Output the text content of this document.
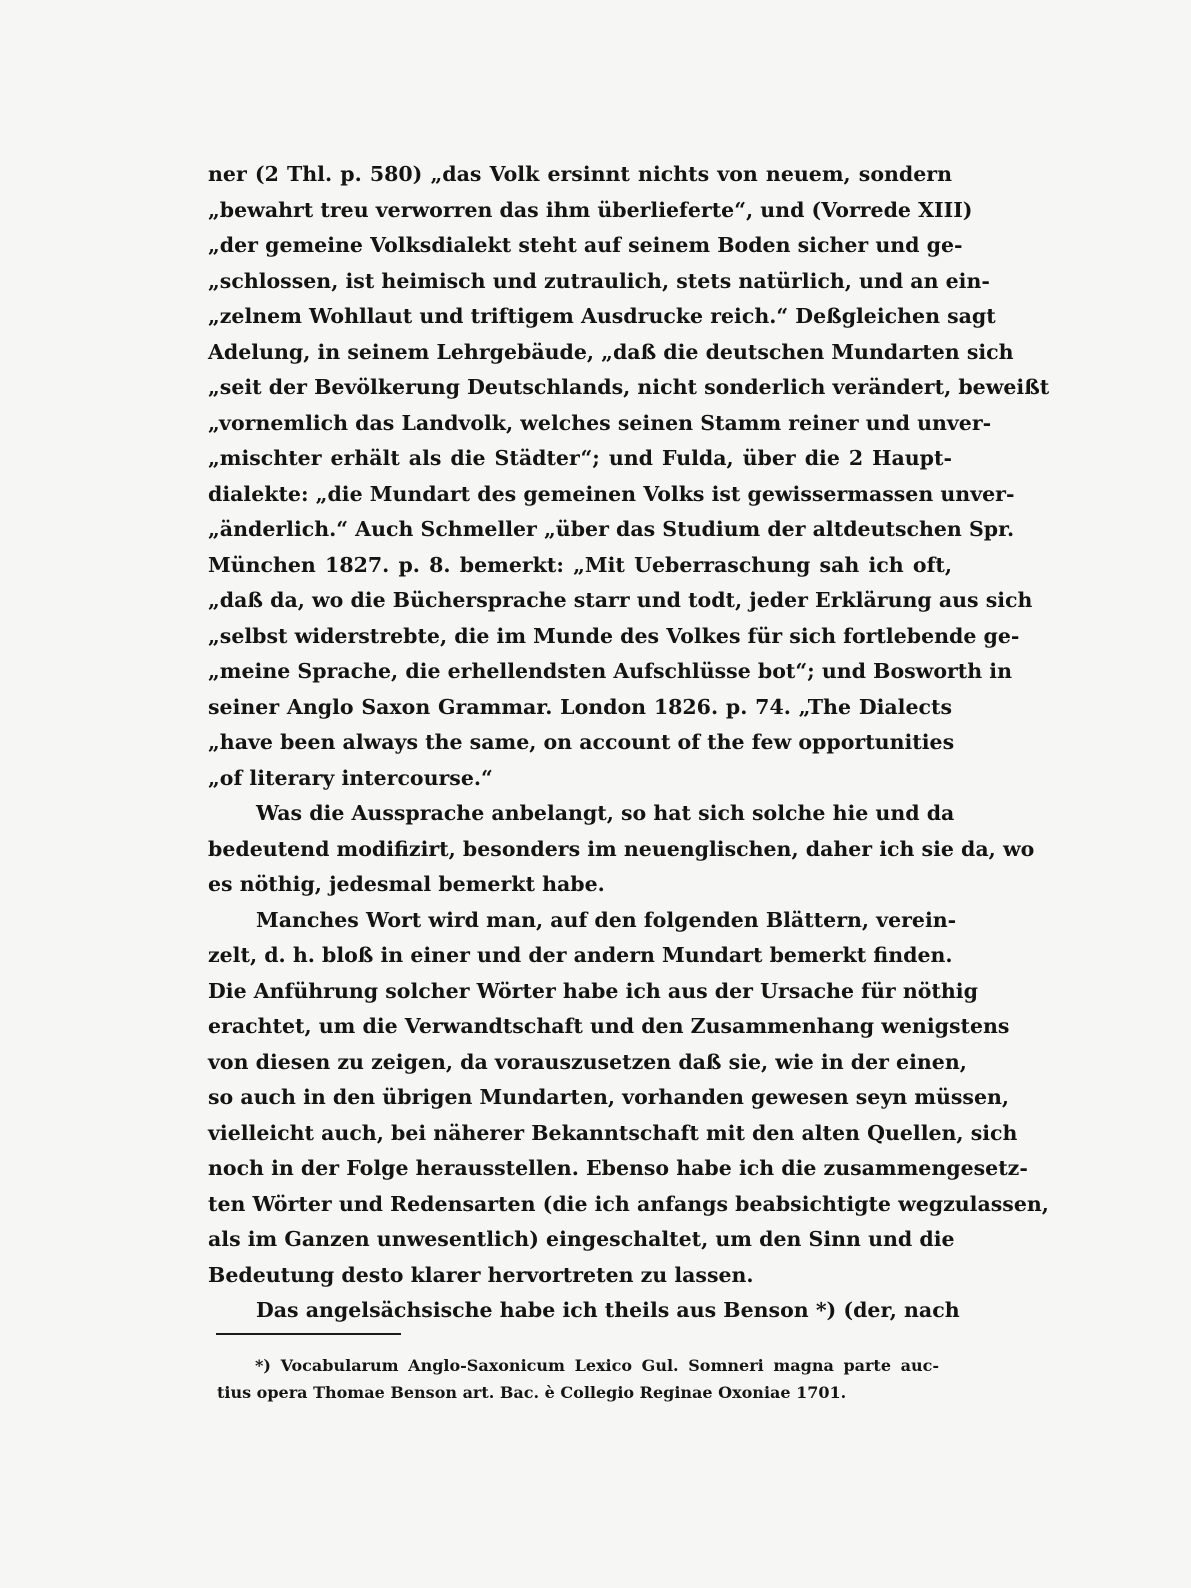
ner (2 Thl. p. 580) „das Volk ersinnt nichts von neuem, sondern
„bewahrt treu verworren das ihm überlieferte“, und (Vorrede XIII)
„der gemeine Volksdialekt steht auf seinem Boden sicher und ge-
„schlossen, ist heimisch und zutraulich, stets natürlich, und an ein-
„zelnem Wohllaut und triftigem Ausdrucke reich.“ Deßgleichen sagt
Adelung, in seinem Lehrgebäude, „daß die deutschen Mundarten sich
„seit der Bevölkerung Deutschlands, nicht sonderlich verändert, beweißt
„vornemlich das Landvolk, welches seinen Stamm reiner und unver-
„mischter erhält als die Städter“; und Fulda, über die 2 Haupt-
dialekte: „die Mundart des gemeinen Volks ist gewissermassen unver-
„änderlich.“ Auch Schmeller „über das Studium der altdeutschen Spr.
München 1827. p. 8. bemerkt: „Mit Ueberraschung sah ich oft,
„daß da, wo die Büchersprache starr und todt, jeder Erklärung aus sich
„selbst widerstrebte, die im Munde des Volkes für sich fortlebende ge-
„meine Sprache, die erhellendsten Aufschlüsse bot“; und Bosworth in
seiner Anglo Saxon Grammar. London 1826. p. 74. „The Dialects
„have been always the same, on account of the few opportunities
„of literary intercourse.“
Was die Aussprache anbelangt, so hat sich solche hie und da
bedeutend modifizirt, besonders im neuenglischen, daher ich sie da, wo
es nöthig, jedesmal bemerkt habe.
Manches Wort wird man, auf den folgenden Blättern, verein-
zelt, d. h. bloß in einer und der andern Mundart bemerkt finden.
Die Anführung solcher Wörter habe ich aus der Ursache für nöthig
erachtet, um die Verwandtschaft und den Zusammenhang wenigstens
von diesen zu zeigen, da vorauszusetzen daß sie, wie in der einen,
so auch in den übrigen Mundarten, vorhanden gewesen seyn müssen,
vielleicht auch, bei näherer Bekanntschaft mit den alten Quellen, sich
noch in der Folge herausstellen. Ebenso habe ich die zusammengesetz-
ten Wörter und Redensarten (die ich anfangs beabsichtigte wegzulassen,
als im Ganzen unwesentlich) eingeschaltet, um den Sinn und die
Bedeutung desto klarer hervortreten zu lassen.
Das angelsächsische habe ich theils aus Benson *) (der, nach
*) Vocabularum Anglo-Saxonicum Lexico Gul. Somneri magna parte auc-
tius opera Thomae Benson art. Bac. è Collegio Reginae Oxoniae 1701.
